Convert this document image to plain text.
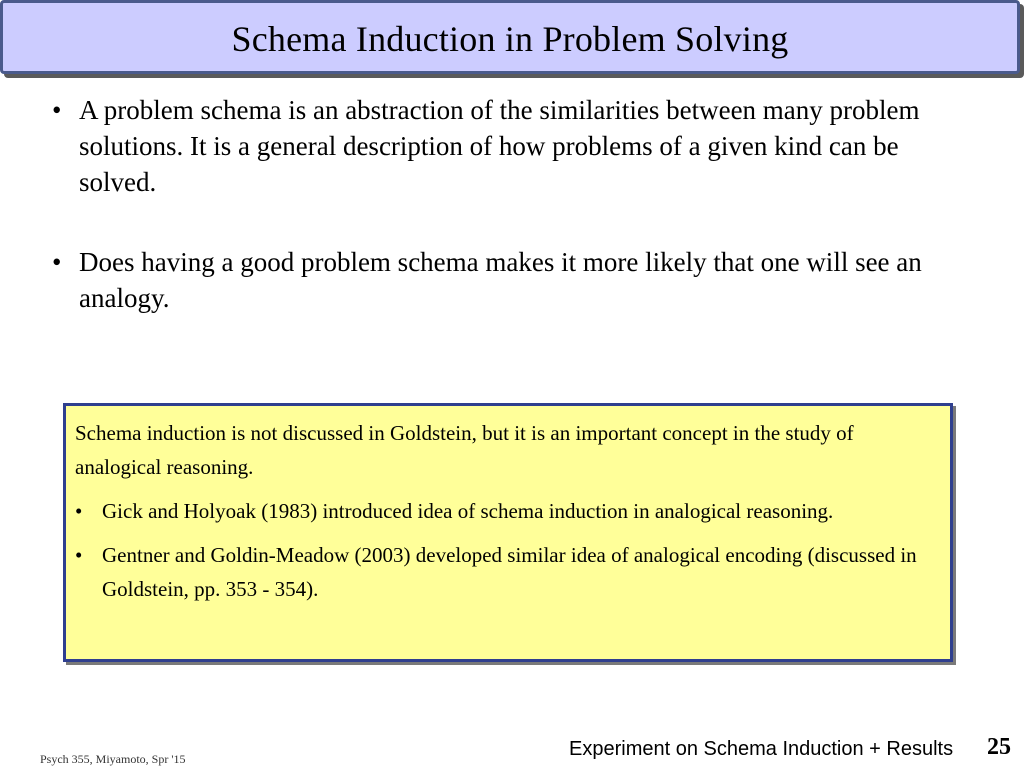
Schema Induction in Problem Solving
• A problem schema is an abstraction of the similarities between many problem solutions. It is a general description of how problems of a given kind can be solved.
• Does having a good problem schema makes it more likely that one will see an analogy.
Schema induction is not discussed in Goldstein, but it is an important concept in the study of analogical reasoning.
• Gick and Holyoak (1983) introduced idea of schema induction in analogical reasoning.
• Gentner and Goldin-Meadow (2003) developed similar idea of analogical encoding (discussed in Goldstein, pp. 353 - 354).
Psych 355, Miyamoto, Spr '15	Experiment on Schema Induction + Results 25
